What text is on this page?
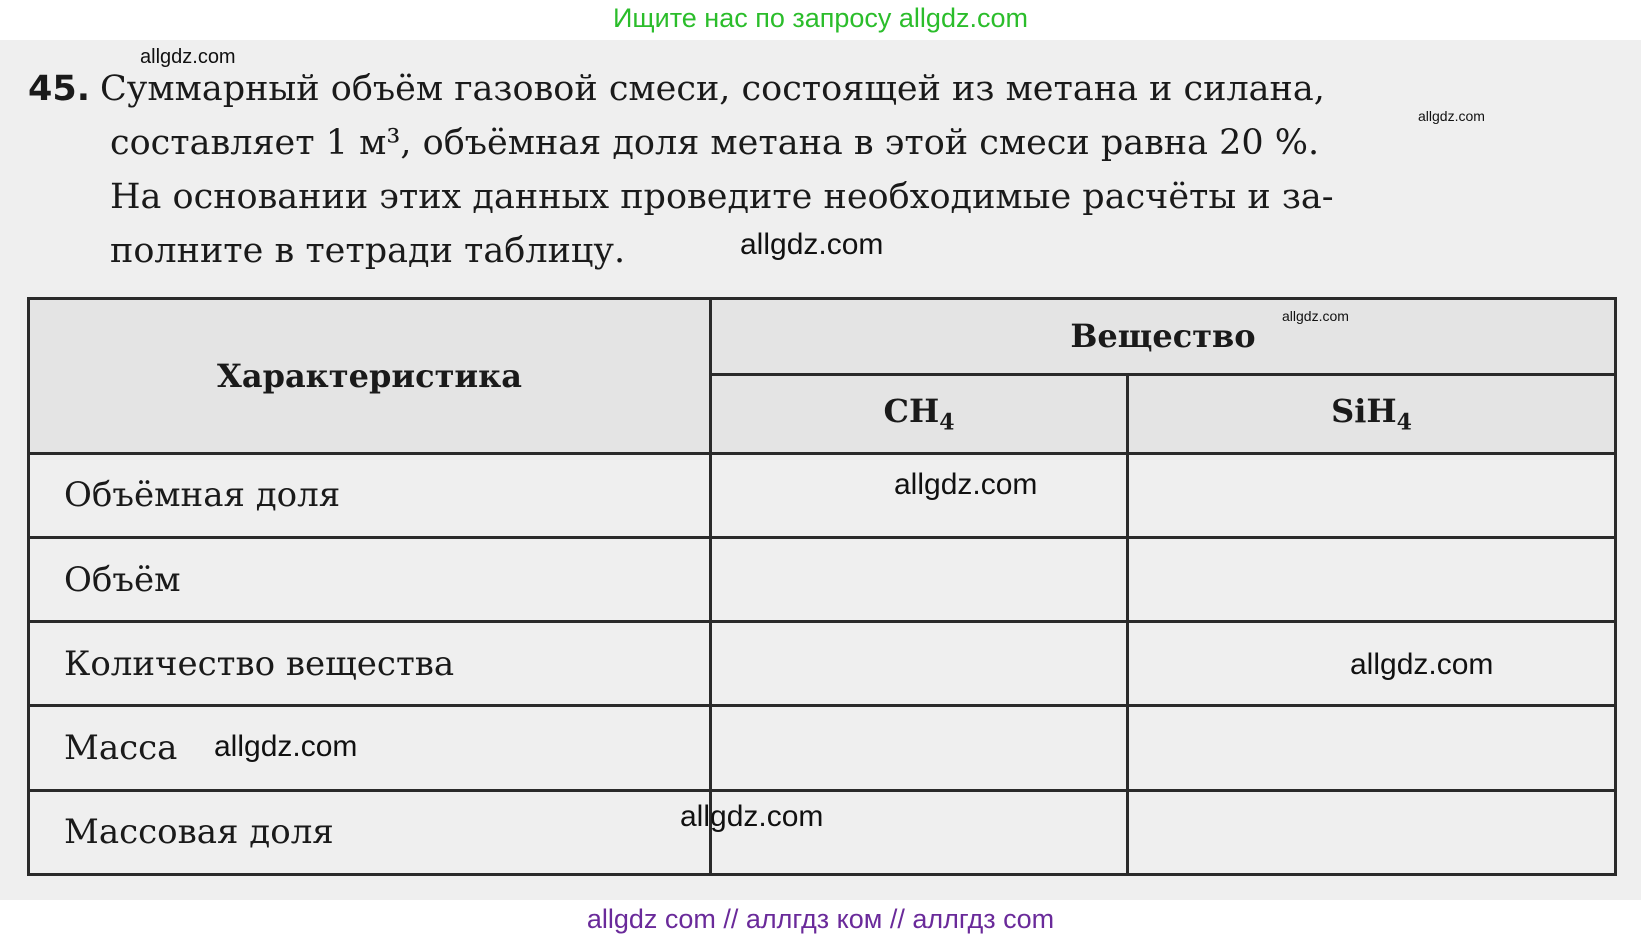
Ищите нас по запросу allgdz.com
45. Суммарный объём газовой смеси, состоящей из метана и силана,
составляет 1 м³, объёмная доля метана в этой смеси равна 20 %.
На основании этих данных проведите необходимые расчёты и за-
полните в тетради таблицу.
Характеристика	Вещество	
	$CH_4$	SiH$_4$
Объёмная доля		
Объём		
Количество вещества		
Масса		
Массовая доля		
allgdz.com
allgdz.com
allgdz.com
allgdz.com
allgdz.com
allgdz.com
allgdz.com
allgdz.com
allgdz com // аллгдз ком // аллгдз com
